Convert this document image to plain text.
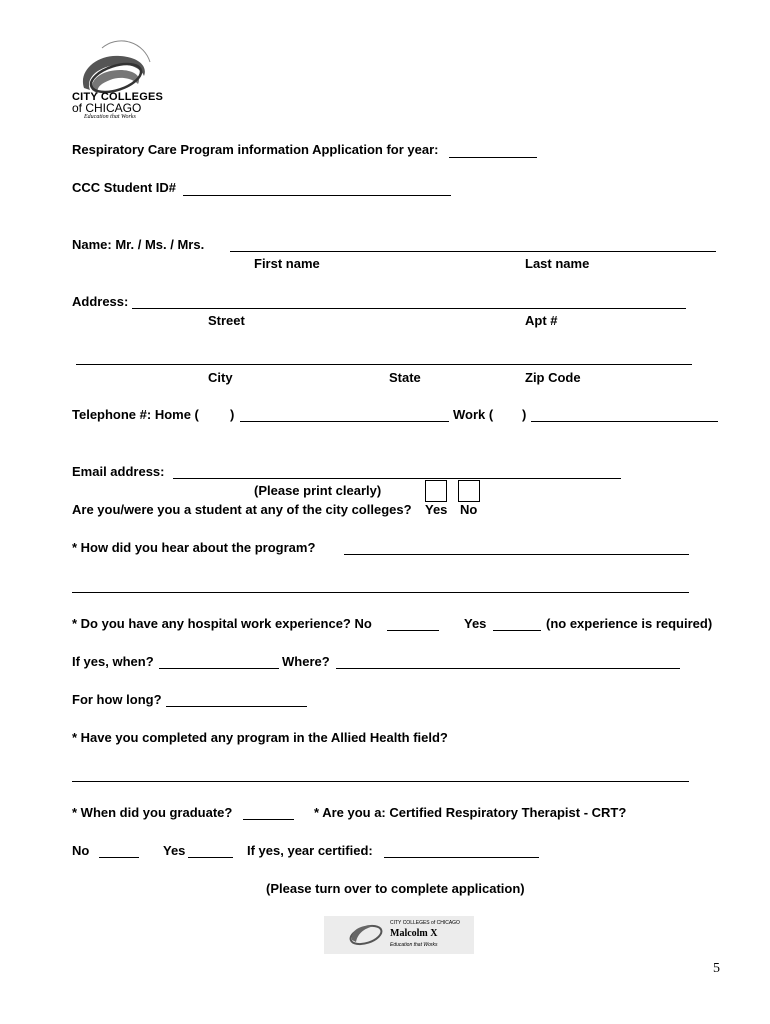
CITY COLLEGES
of CHICAGO
Education that Works
Respiratory Care Program information Application for year:
CCC Student ID#
Name: Mr. / Ms. / Mrs.
First name	Last name
Address:
Street	Apt #
City	State	Zip Code
Telephone #: Home ( )	Work ( )
Email address:
(Please print clearly)
Are you/were you a student at any of the city colleges? Yes No
* How did you hear about the program?
* Do you have any hospital work experience? No	Yes	(no experience is required)
If yes, when?	Where?
For how long?
* Have you completed any program in the Allied Health field?
* When did you graduate?	* Are you a: Certified Respiratory Therapist - CRT?
No	Yes	If yes, year certified:
(Please turn over to complete application)
CITY COLLEGES of CHICAGO
Malcolm X
Education that Works
5
